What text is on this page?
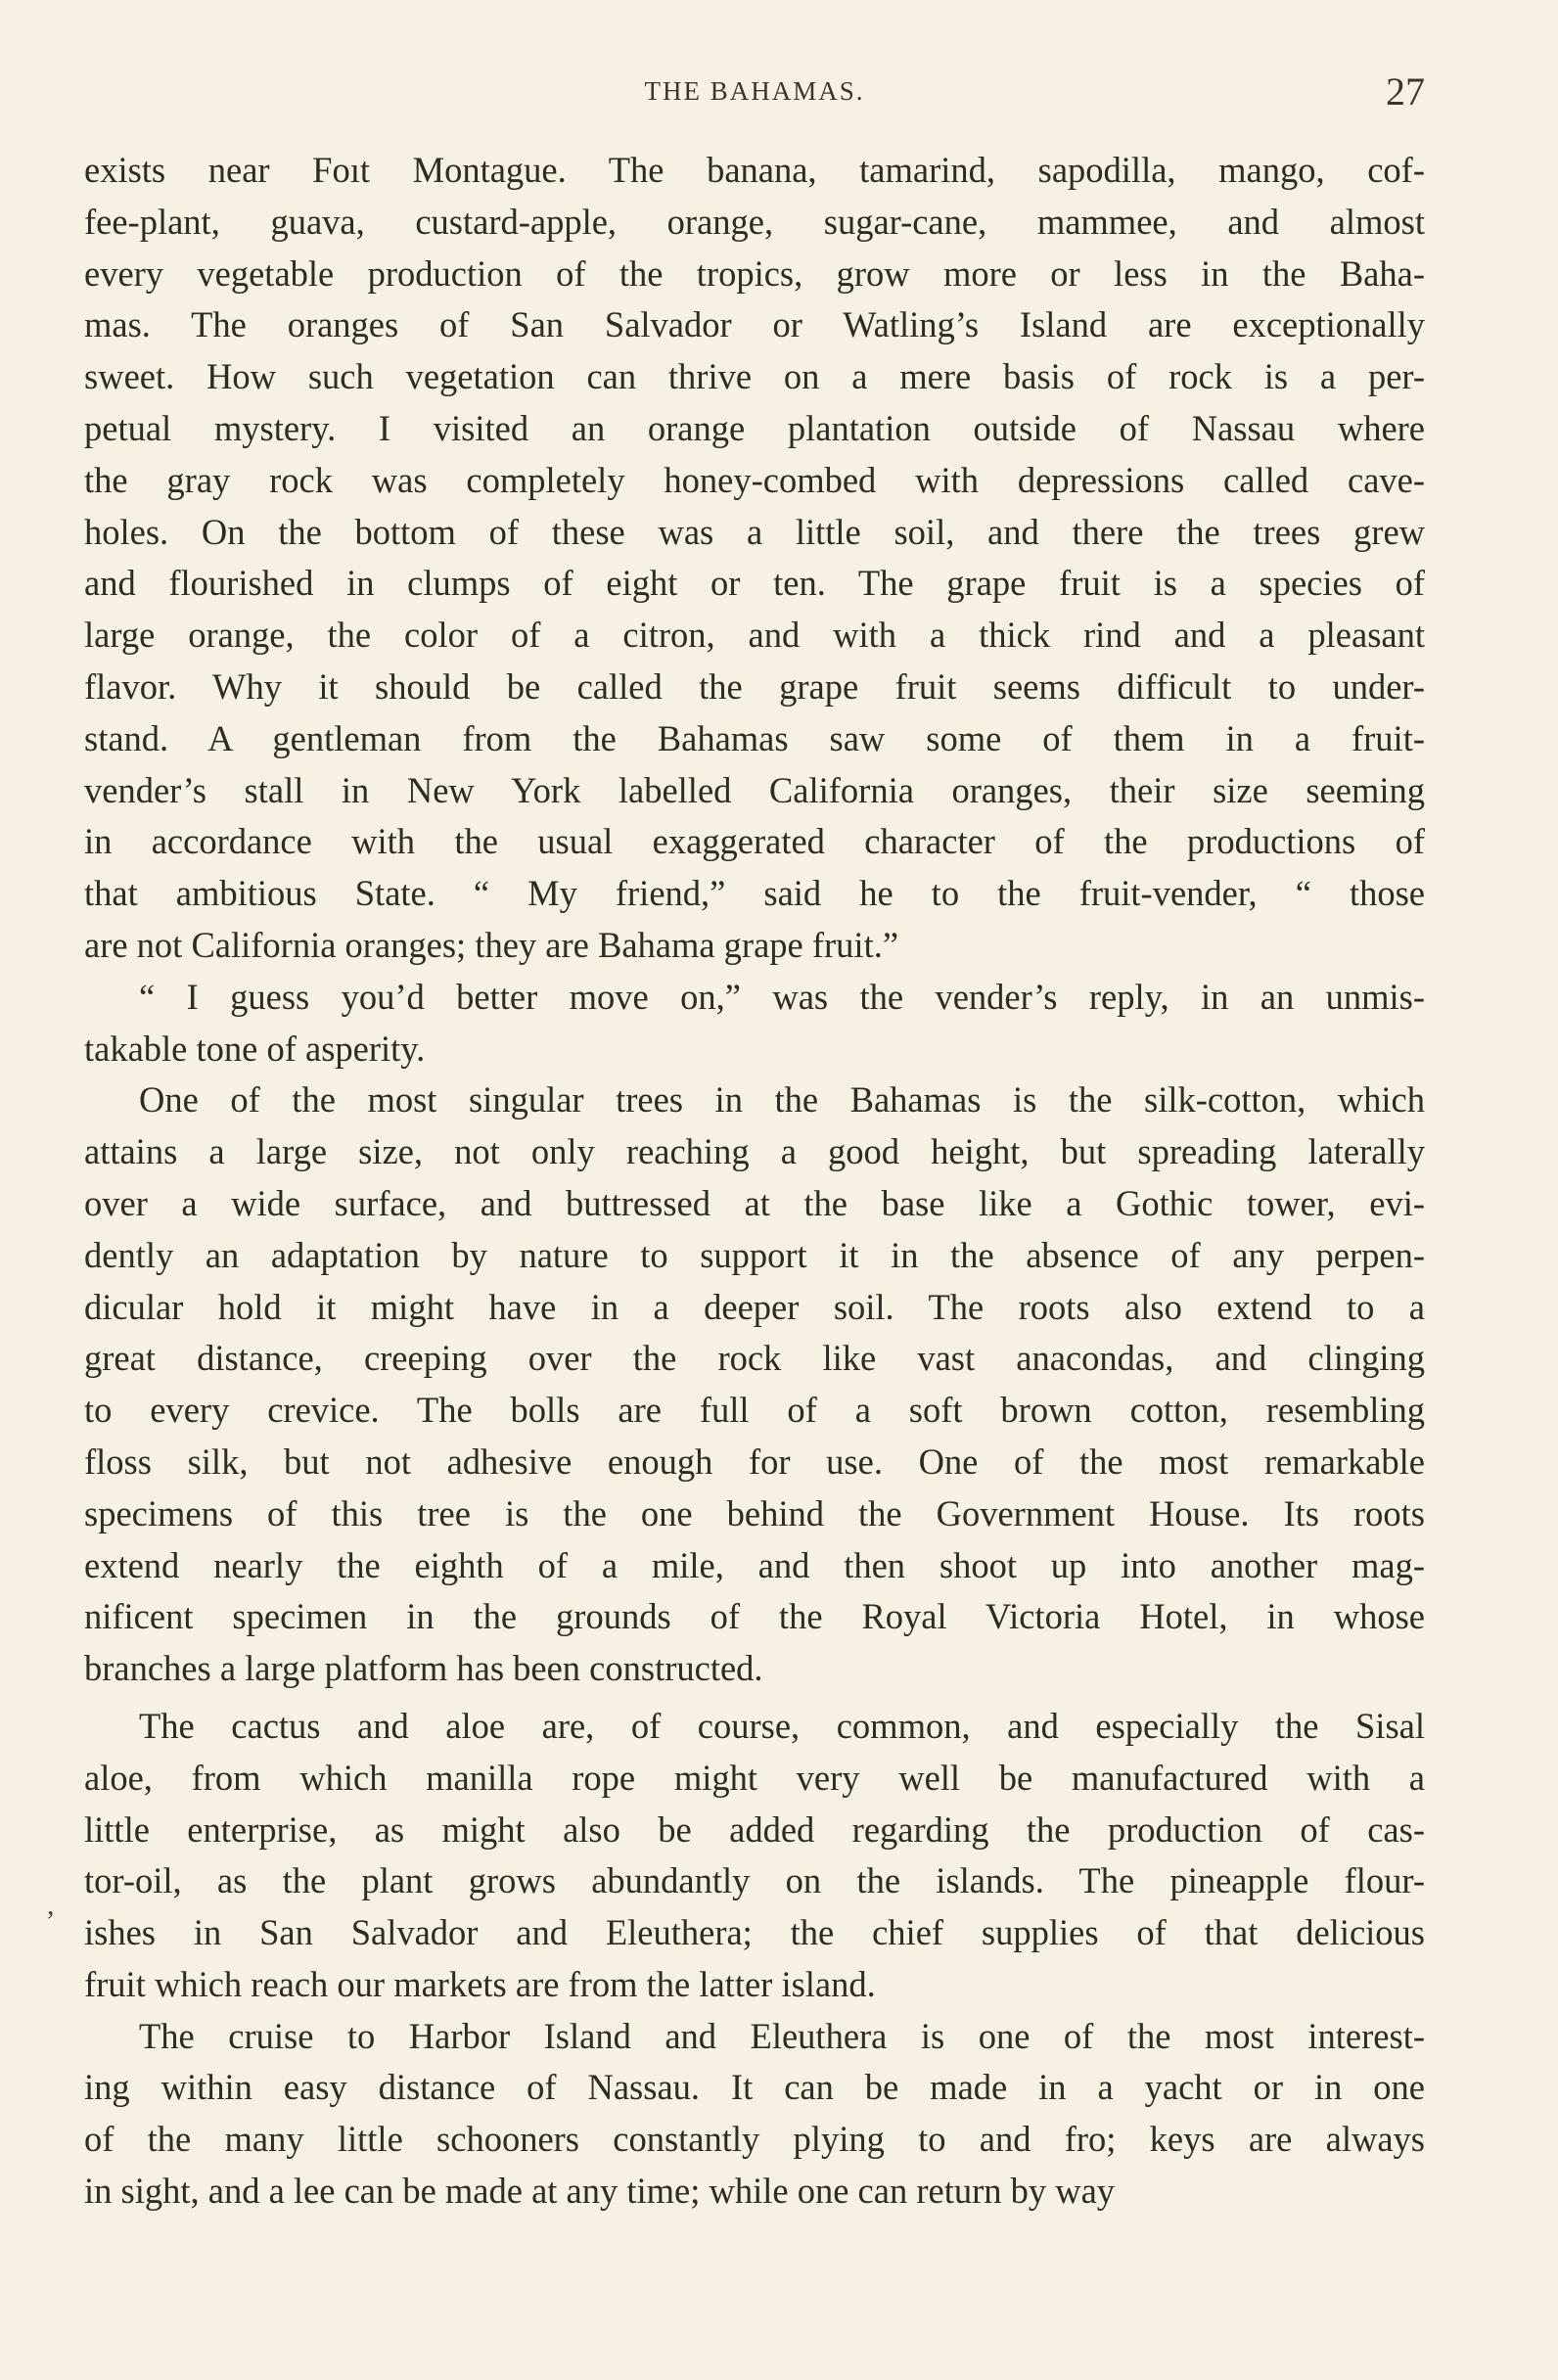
THE BAHAMAS.	27
,
exists near Foıt Montague. The banana, tamarind, sapodilla, mango, cof-
fee-plant, guava, custard-apple, orange, sugar-cane, mammee, and almost
every vegetable production of the tropics, grow more or less in the Baha-
mas. The oranges of San Salvador or Watling’s Island are exceptionally
sweet. How such vegetation can thrive on a mere basis of rock is a per-
petual mystery. I visited an orange plantation outside of Nassau where
the gray rock was completely honey-combed with depressions called cave-
holes. On the bottom of these was a little soil, and there the trees grew
and flourished in clumps of eight or ten. The grape fruit is a species of
large orange, the color of a citron, and with a thick rind and a pleasant
flavor. Why it should be called the grape fruit seems difficult to under-
stand. A gentleman from the Bahamas saw some of them in a fruit-
vender’s stall in New York labelled California oranges, their size seeming
in accordance with the usual exaggerated character of the productions of
that ambitious State. “ My friend,” said he to the fruit-vender, “ those
are not California oranges; they are Bahama grape fruit.”
“ I guess you’d better move on,” was the vender’s reply, in an unmis-
takable tone of asperity.
One of the most singular trees in the Bahamas is the silk-cotton, which
attains a large size, not only reaching a good height, but spreading laterally
over a wide surface, and buttressed at the base like a Gothic tower, evi-
dently an adaptation by nature to support it in the absence of any perpen-
dicular hold it might have in a deeper soil. The roots also extend to a
great distance, creeping over the rock like vast anacondas, and clinging
to every crevice. The bolls are full of a soft brown cotton, resembling
floss silk, but not adhesive enough for use. One of the most remarkable
specimens of this tree is the one behind the Government House. Its roots
extend nearly the eighth of a mile, and then shoot up into another mag-
nificent specimen in the grounds of the Royal Victoria Hotel, in whose
branches a large platform has been constructed.
The cactus and aloe are, of course, common, and especially the Sisal
aloe, from which manilla rope might very well be manufactured with a
little enterprise, as might also be added regarding the production of cas-
tor-oil, as the plant grows abundantly on the islands. The pineapple flour-
ishes in San Salvador and Eleuthera; the chief supplies of that delicious
fruit which reach our markets are from the latter island.
The cruise to Harbor Island and Eleuthera is one of the most interest-
ing within easy distance of Nassau. It can be made in a yacht or in one
of the many little schooners constantly plying to and fro; keys are always
in sight, and a lee can be made at any time; while one can return by way
